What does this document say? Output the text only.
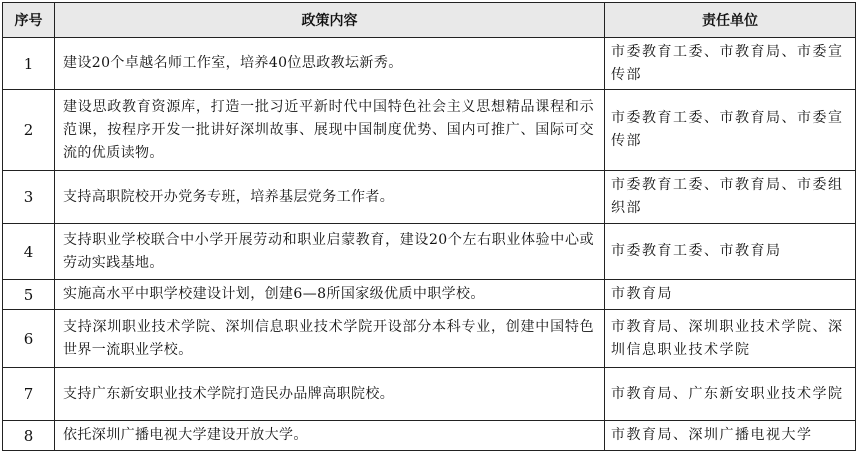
序号	政策内容	责任单位
1	建设20个卓越名师工作室，培养40位思政教坛新秀。	市委教育工委、市教育局、市委宣传部
2	建设思政教育资源库，打造一批习近平新时代中国特色社会主义思想精品课程和示范课，按程序开发一批讲好深圳故事、展现中国制度优势、国内可推广、国际可交流的优质读物。	市委教育工委、市教育局、市委宣传部
3	支持高职院校开办党务专班，培养基层党务工作者。	市委教育工委、市教育局、市委组织部
4	支持职业学校联合中小学开展劳动和职业启蒙教育，建设20个左右职业体验中心或劳动实践基地。	市委教育工委、市教育局
5	实施高水平中职学校建设计划，创建6—8所国家级优质中职学校。	市教育局
6	支持深圳职业技术学院、深圳信息职业技术学院开设部分本科专业，创建中国特色世界一流职业学校。	市教育局、深圳职业技术学院、深圳信息职业技术学院
7	支持广东新安职业技术学院打造民办品牌高职院校。	市教育局、广东新安职业技术学院
8	依托深圳广播电视大学建设开放大学。	市教育局、深圳广播电视大学
